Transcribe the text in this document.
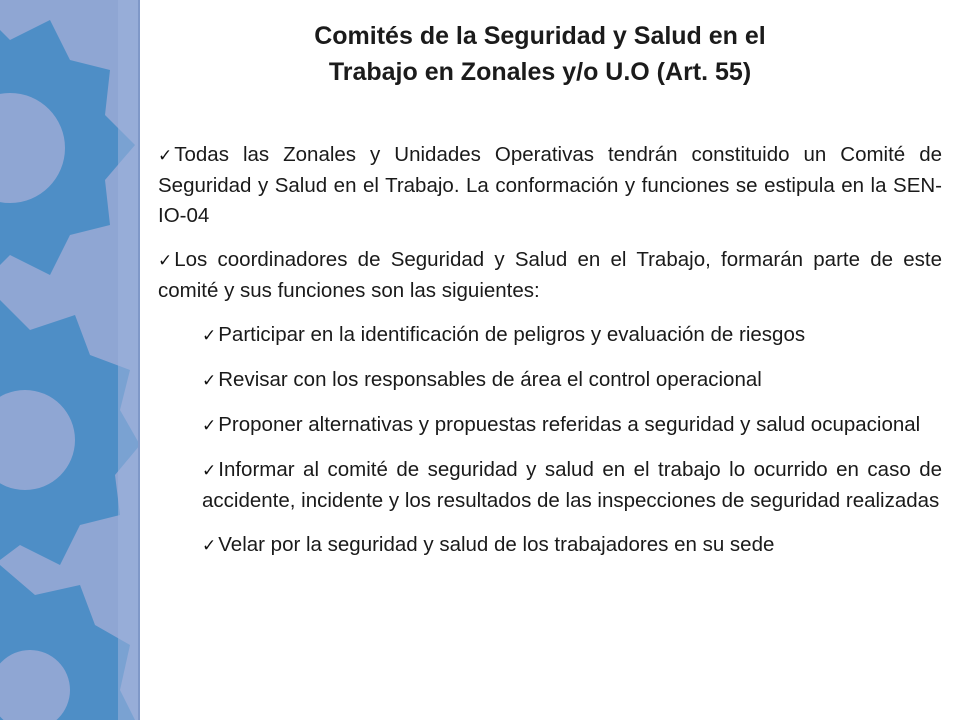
Comités de la Seguridad y Salud en el
Trabajo en Zonales y/o U.O (Art. 55)

✓Todas las Zonales y Unidades Operativas tendrán constituido un Comité de Seguridad y Salud en el Trabajo. La conformación y funciones se estipula en la SEN-IO-04

✓Los coordinadores de Seguridad y Salud en el Trabajo, formarán parte de este comité y sus funciones son las siguientes:

✓Participar en la identificación de peligros y evaluación de riesgos

✓Revisar con los responsables de área el control operacional

✓Proponer alternativas y propuestas referidas a seguridad y salud ocupacional

✓Informar al comité de seguridad y salud en el trabajo lo ocurrido en caso de accidente, incidente y los resultados de las inspecciones de seguridad realizadas

✓Velar por la seguridad y salud de los trabajadores en su sede
